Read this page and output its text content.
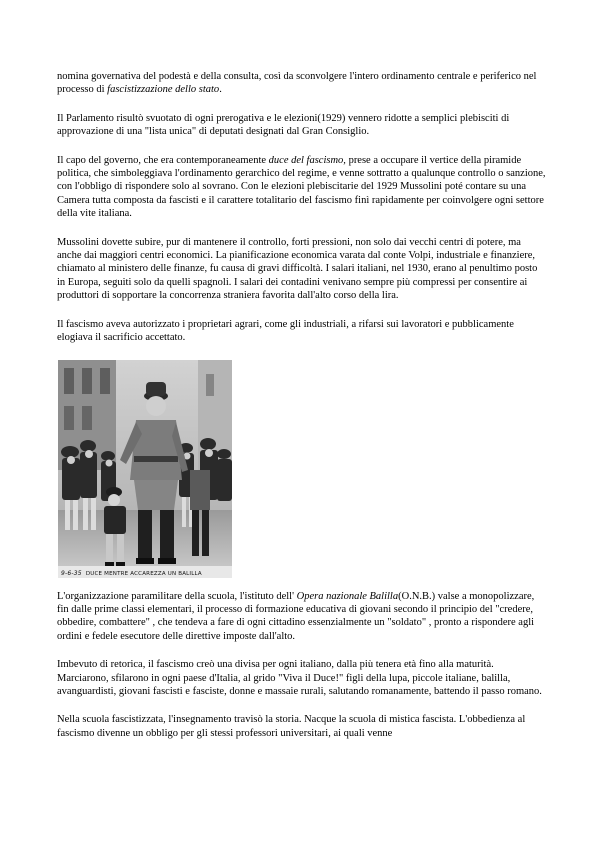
nomina governativa del podestà e della consulta, così da sconvolgere l'intero ordinamento centrale e periferico nel processo di fascistizzazione dello stato.

Il Parlamento risultò svuotato di ogni prerogativa e le elezioni(1929) vennero ridotte a semplici plebisciti di approvazione di una "lista unica" di deputati designati dal Gran Consiglio.

Il capo del governo, che era contemporaneamente duce del fascismo, prese a occupare il vertice della piramide politica, che simboleggiava l'ordinamento gerarchico del regime, e venne sottratto a qualunque controllo o sanzione, con l'obbligo di rispondere solo al sovrano. Con le elezioni plebiscitarie del 1929 Mussolini poté contare su una Camera tutta composta da fascisti e il carattere totalitario del fascismo finì rapidamente per coinvolgere ogni settore della vite italiana.

Mussolini dovette subire, pur di mantenere il controllo, forti pressioni, non solo dai vecchi centri di potere, ma anche dai maggiori centri economici. La pianificazione economica varata dal conte Volpi, industriale e finanziere, chiamato al ministero delle finanze, fu causa di gravi difficoltà. I salari italiani, nel 1930, erano al penultimo posto in Europa, seguiti solo da quelli spagnoli. I salari dei contadini venivano sempre più compressi per consentire ai produttori di sopportare la concorrenza straniera favorita dall'alto corso della lira.

Il fascismo aveva autorizzato i proprietari agrari, come gli industriali, a rifarsi sui lavoratori e pubblicamente elogiava il sacrificio accettato.

9-6-35 DUCE MENTRE ACCAREZZA UN BALILLA

L'organizzazione paramilitare della scuola, l'istituto dell' Opera nazionale Balilla(O.N.B.) valse a monopolizzare, fin dalle prime classi elementari, il processo di formazione educativa di giovani secondo il principio del "credere, obbedire, combattere" , che tendeva a fare di ogni cittadino essenzialmente un "soldato" , pronto a rispondere agli ordini e fedele esecutore delle direttive imposte dall'alto.

Imbevuto di retorica, il fascismo creò una divisa per ogni italiano, dalla più tenera età fino alla maturità. Marciarono, sfilarono in ogni paese d'Italia, al grido "Viva il Duce!" figli della lupa, piccole italiane, balilla, avanguardisti, giovani fascisti e fasciste, donne e massaie rurali, salutando romanamente, battendo il passo romano.

Nella scuola fascistizzata, l'insegnamento travisò la storia. Nacque la scuola di mistica fascista. L'obbedienza al fascismo divenne un obbligo per gli stessi professori universitari, ai quali venne
